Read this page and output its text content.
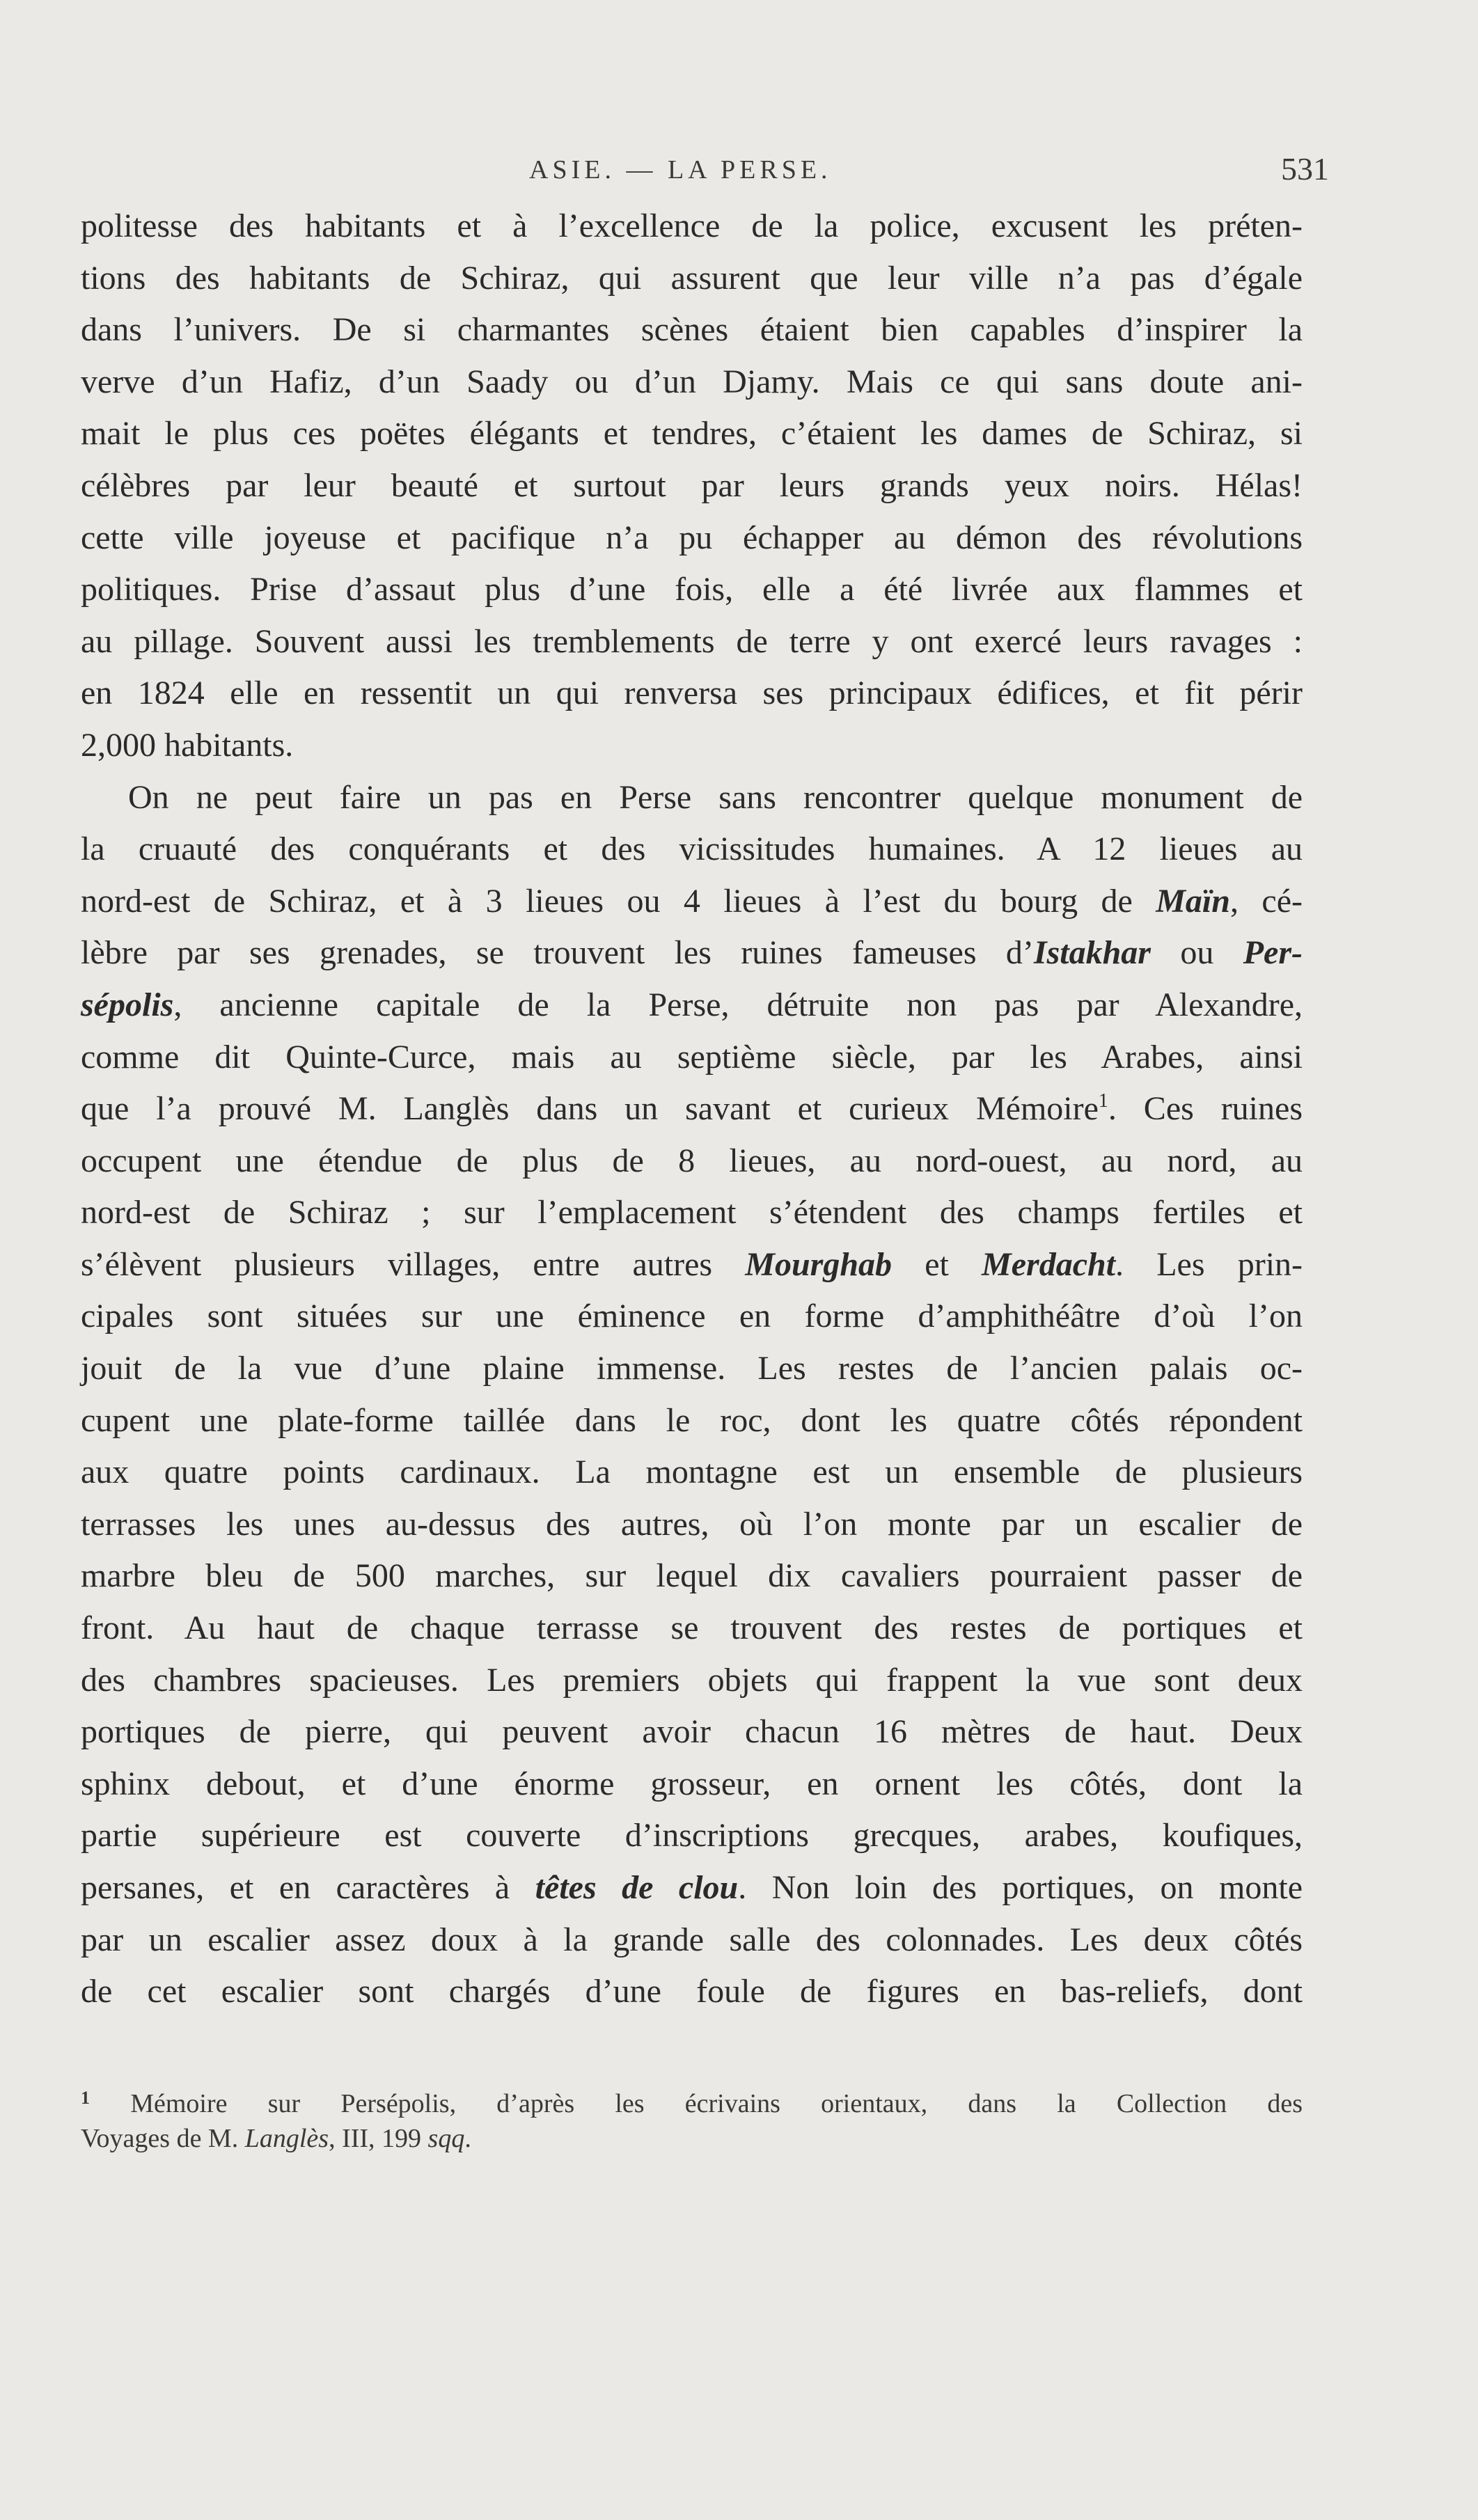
ASIE. — LA PERSE.	531
politesse des habitants et à l’excellence de la police, excusent les préten-
tions des habitants de Schiraz, qui assurent que leur ville n’a pas d’égale
dans l’univers. De si charmantes scènes étaient bien capables d’inspirer la
verve d’un Hafiz, d’un Saady ou d’un Djamy. Mais ce qui sans doute ani-
mait le plus ces poëtes élégants et tendres, c’étaient les dames de Schiraz, si
célèbres par leur beauté et surtout par leurs grands yeux noirs. Hélas!
cette ville joyeuse et pacifique n’a pu échapper au démon des révolutions
politiques. Prise d’assaut plus d’une fois, elle a été livrée aux flammes et
au pillage. Souvent aussi les tremblements de terre y ont exercé leurs ravages :
en 1824 elle en ressentit un qui renversa ses principaux édifices, et fit périr
2,000 habitants.
On ne peut faire un pas en Perse sans rencontrer quelque monument de
la cruauté des conquérants et des vicissitudes humaines. A 12 lieues au
nord-est de Schiraz, et à 3 lieues ou 4 lieues à l’est du bourg de Maïn, cé-
lèbre par ses grenades, se trouvent les ruines fameuses d’Istakhar ou Per-
sépolis, ancienne capitale de la Perse, détruite non pas par Alexandre,
comme dit Quinte-Curce, mais au septième siècle, par les Arabes, ainsi
que l’a prouvé M. Langlès dans un savant et curieux Mémoire$^1$. Ces ruines
occupent une étendue de plus de 8 lieues, au nord-ouest, au nord, au
nord-est de Schiraz ; sur l’emplacement s’étendent des champs fertiles et
s’élèvent plusieurs villages, entre autres Mourghab et Merdacht. Les prin-
cipales sont situées sur une éminence en forme d’amphithéâtre d’où l’on
jouit de la vue d’une plaine immense. Les restes de l’ancien palais oc-
cupent une plate-forme taillée dans le roc, dont les quatre côtés répondent
aux quatre points cardinaux. La montagne est un ensemble de plusieurs
terrasses les unes au-dessus des autres, où l’on monte par un escalier de
marbre bleu de 500 marches, sur lequel dix cavaliers pourraient passer de
front. Au haut de chaque terrasse se trouvent des restes de portiques et
des chambres spacieuses. Les premiers objets qui frappent la vue sont deux
portiques de pierre, qui peuvent avoir chacun 16 mètres de haut. Deux
sphinx debout, et d’une énorme grosseur, en ornent les côtés, dont la
partie supérieure est couverte d’inscriptions grecques, arabes, koufiques,
persanes, et en caractères à têtes de clou. Non loin des portiques, on monte
par un escalier assez doux à la grande salle des colonnades. Les deux côtés
de cet escalier sont chargés d’une foule de figures en bas-reliefs, dont
$^1$ Mémoire sur Persépolis, d’après les écrivains orientaux, dans la Collection des
Voyages de M. Langlès, III, 199 sqq.
